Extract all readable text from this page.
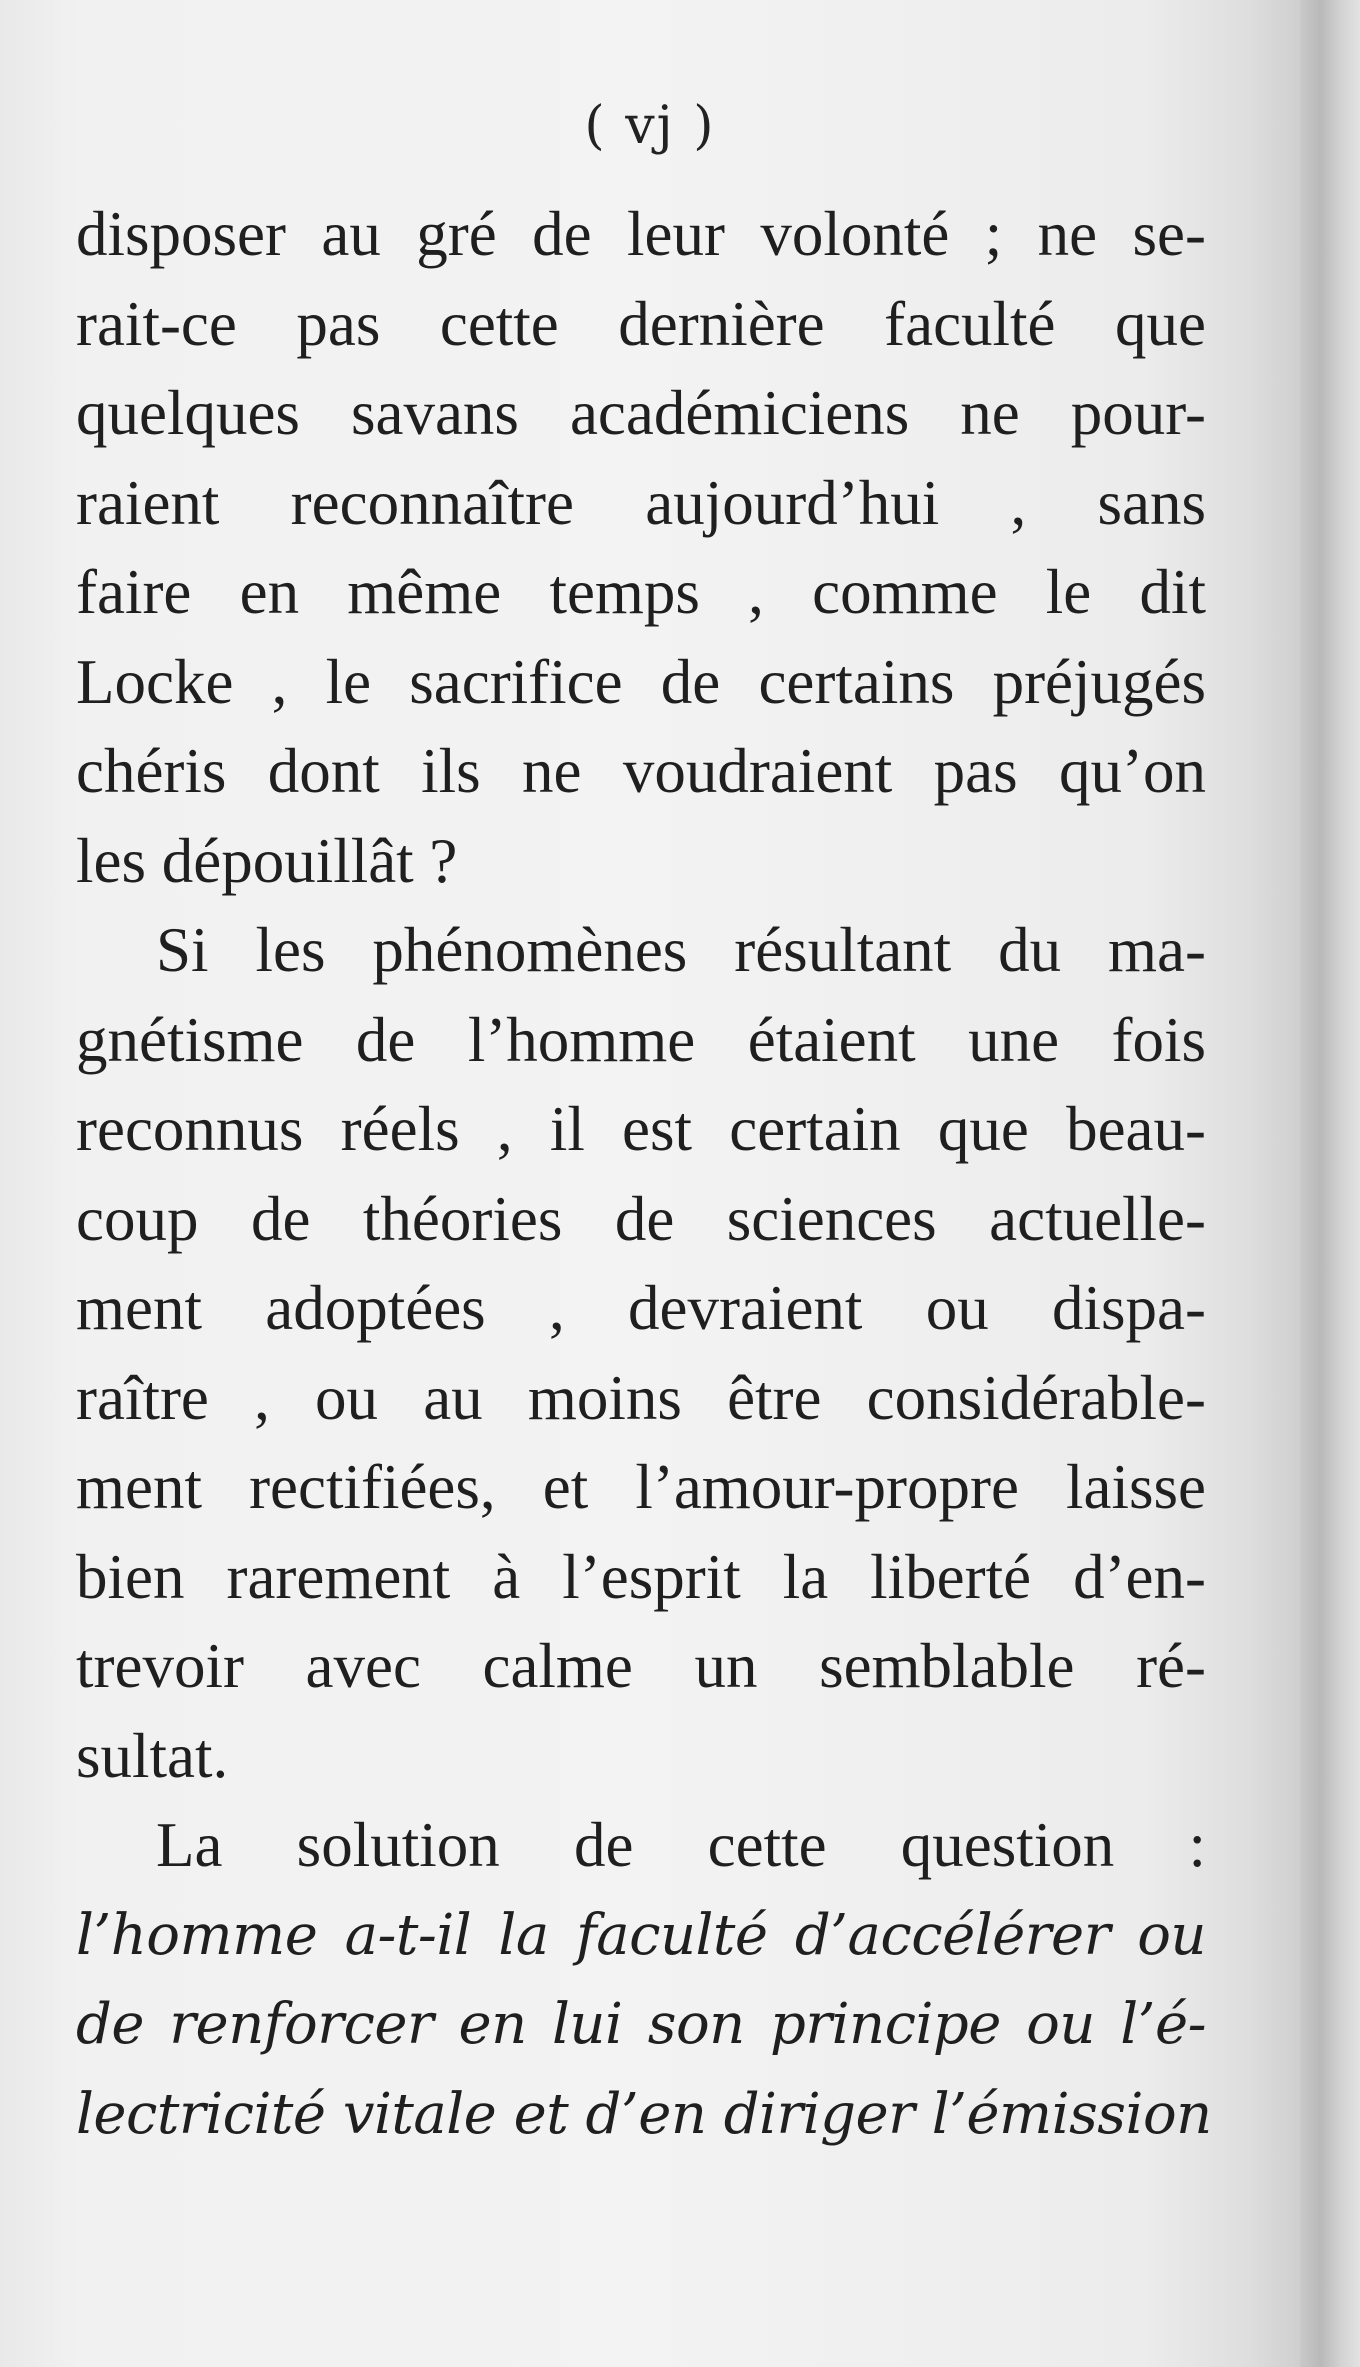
( vj )
disposer au gré de leur volonté ; ne se-
rait-ce pas cette dernière faculté que
quelques savans académiciens ne pour-
raient reconnaître aujourd’hui , sans
faire en même temps , comme le dit
Locke , le sacrifice de certains préjugés
chéris dont ils ne voudraient pas qu’on
les dépouillât ?
Si les phénomènes résultant du ma-
gnétisme de l’homme étaient une fois
reconnus réels , il est certain que beau-
coup de théories de sciences actuelle-
ment adoptées , devraient ou dispa-
raître , ou au moins être considérable-
ment rectifiées, et l’amour-propre laisse
bien rarement à l’esprit la liberté d’en-
trevoir avec calme un semblable ré-
sultat.
La solution de cette question :
l’homme a-t-il la faculté d’accélérer ou
de renforcer en lui son principe ou l’é-
lectricité vitale et d’en diriger l’émission
